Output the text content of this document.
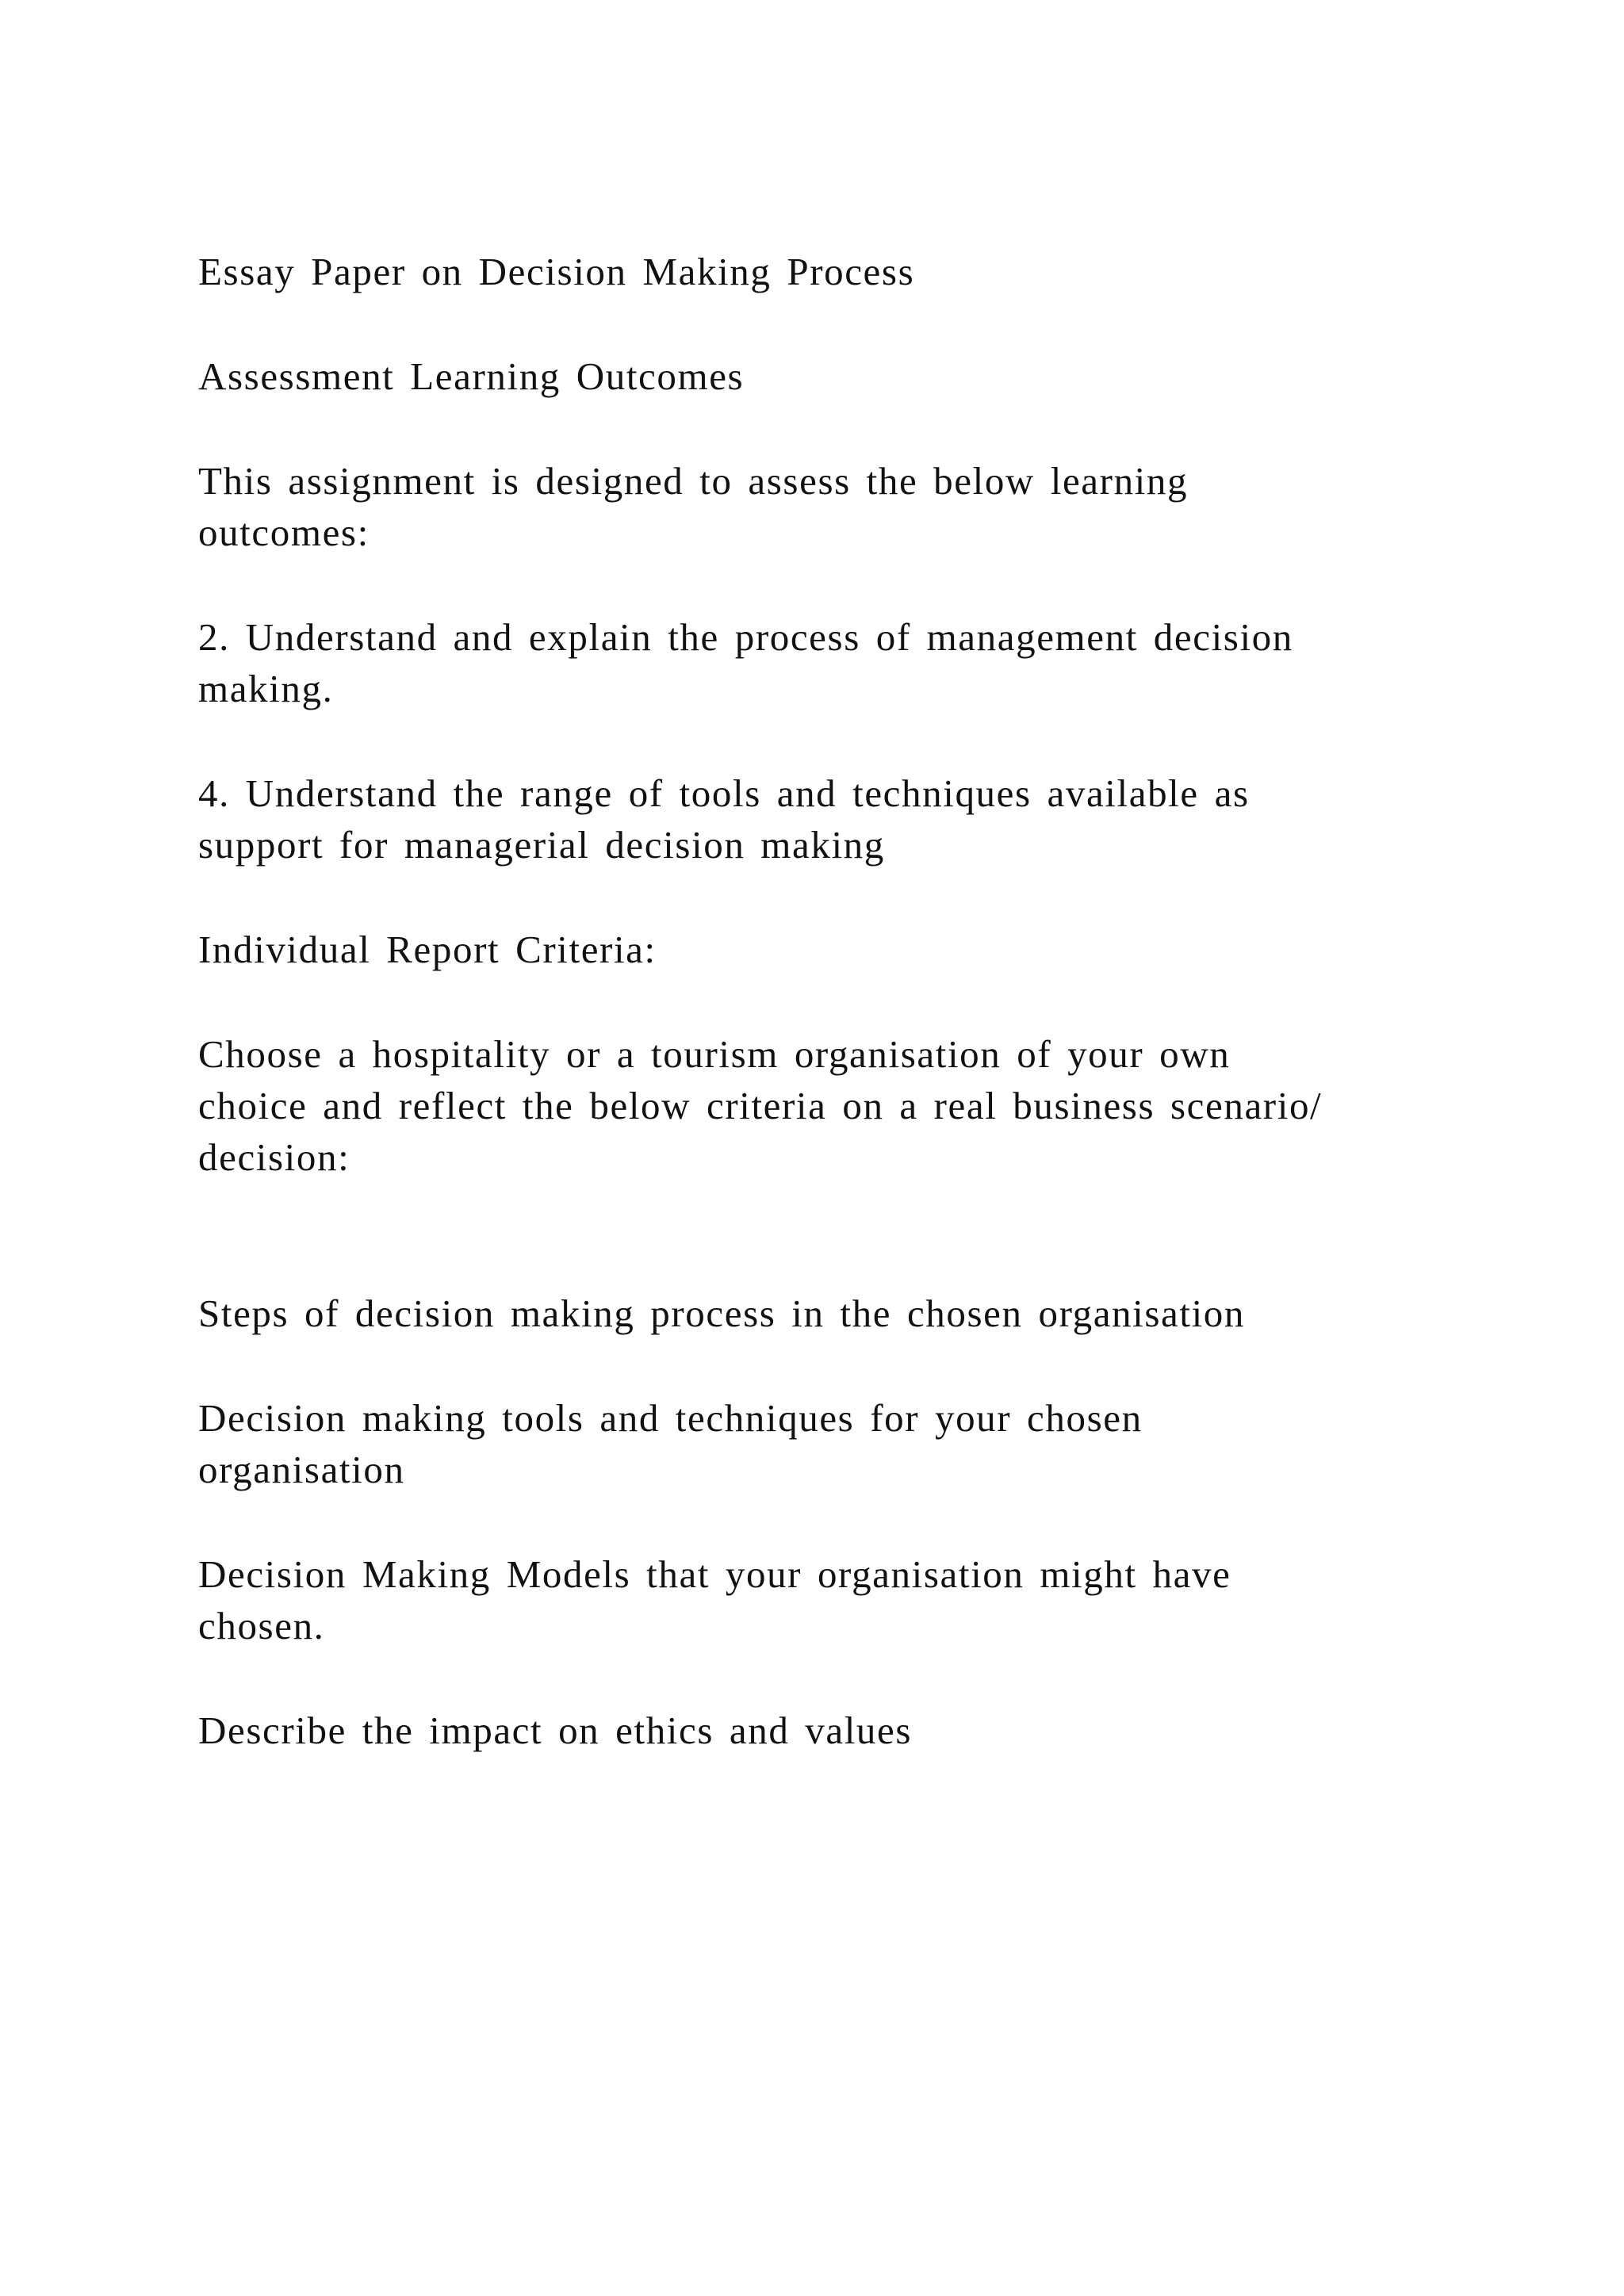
Essay Paper on Decision Making Process

Assessment Learning Outcomes

This assignment is designed to assess the below learning
outcomes:

2. Understand and explain the process of management decision
making.

4. Understand the range of tools and techniques available as
support for managerial decision making

Individual Report Criteria:

Choose a hospitality or a tourism organisation of your own
choice and reflect the below criteria on a real business scenario/
decision:

Steps of decision making process in the chosen organisation

Decision making tools and techniques for your chosen
organisation

Decision Making Models that your organisation might have
chosen.

Describe the impact on ethics and values
